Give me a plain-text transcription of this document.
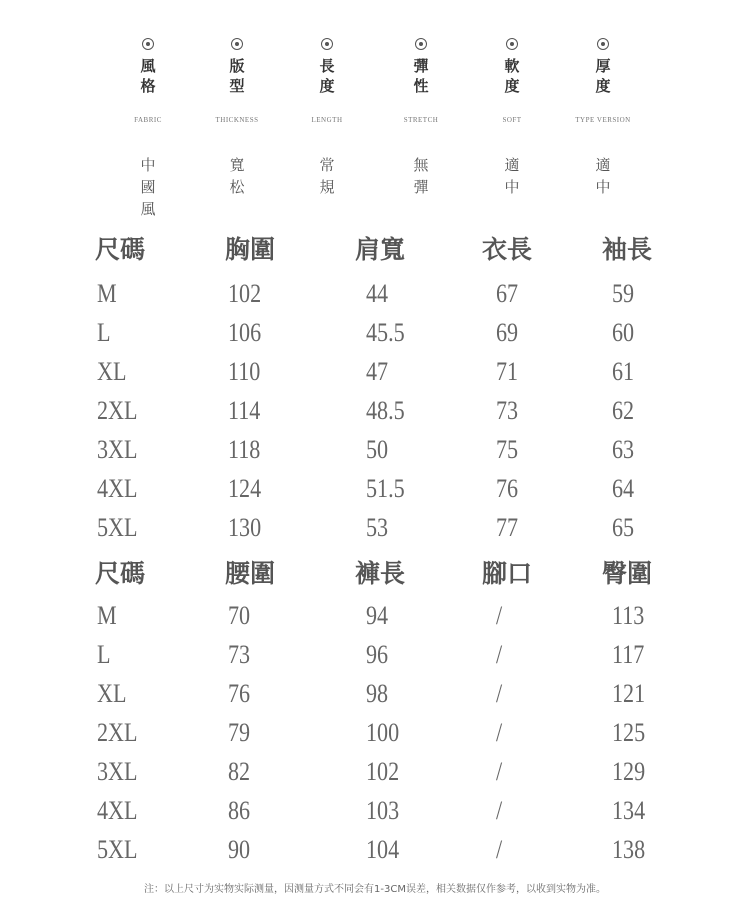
風格
FABRIC
中國風
版型
THICKNESS
寬松
長度
LENGTH
常規
彈性
STRETCH
無彈
軟度
SOFT
適中
厚度
TYPE VERSION
適中
尺碼	胸圍	肩寬	衣長	袖長
M	102	44	67	59
L	106	45.5	69	60
XL	110	47	71	61
2XL	114	48.5	73	62
3XL	118	50	75	63
4XL	124	51.5	76	64
5XL	130	53	77	65
尺碼	腰圍	褲長	腳口	臀圍
M	70	94	/	113
L	73	96	/	117
XL	76	98	/	121
2XL	79	100	/	125
3XL	82	102	/	129
4XL	86	103	/	134
5XL	90	104	/	138
注：以上尺寸为实物实际测量，因测量方式不同会有1-3CM误差，相关数据仅作参考，以收到实物为准。
